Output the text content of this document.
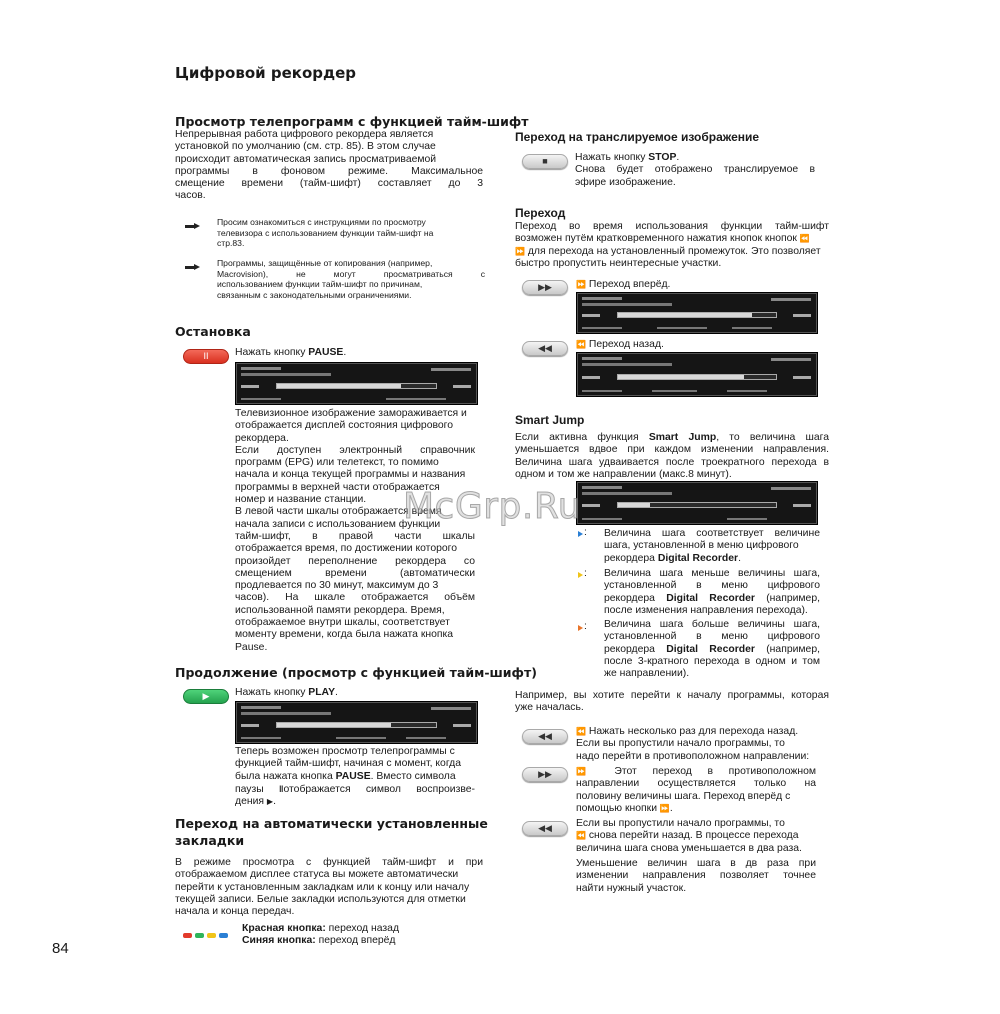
Цифровой рекордер
Просмотр телепрограмм с функцией тайм-шифт
Непрерывная работа цифрового рекордера является
установкой по умолчанию (см. стр. 85). В этом случае
происходит автоматическая запись просматриваемой
программы в фоновом режиме. Максимальное
смещение времени (тайм-шифт) составляет до 3
часов.
Просим ознакомиться с инструкциями по просмотру
телевизора с использованием функции тайм-шифт на
стр.83.
Программы, защищённые от копирования (например,
Macrovision), не могут просматриваться с
использованием функции тайм-шифт по причинам,
связанным с законодательными ограничениями.
Остановка
II	Нажать кнопку PAUSE.
Телевизионное изображение замораживается и
отображается дисплей состояния цифрового
рекордера.
Если доступен электронный справочник
программ (EPG) или телетекст, то помимо
начала и конца текущей программы и названия
программы в верхней части отображается
номер и название станции.
В левой части шкалы отображается время
начала записи с использованием функции
тайм-шифт, в правой части шкалы
отображается время, по достижении которого
произойдет переполнение рекордера со
смещением времени (автоматически
продлевается по 30 минут, максимум до 3
часов). На шкале отображается объём
использованной памяти рекордера. Время,
отображаемое внутри шкалы, соответствует
моменту времени, когда была нажата кнопка
Pause.
Продолжение (просмотр с функцией тайм-шифт)
▶	Нажать кнопку PLAY.
Теперь возможен просмотр телепрограммы с
функцией тайм-шифт, начиная с момент, когда
была нажата кнопка PAUSE. Вместо символа
паузы ‖отображается символ воспроизве-
дения ▶.
Переход на автоматически установленные
закладки
В режиме просмотра с функцией тайм-шифт и при
отображаемом дисплее статуса вы можете автоматически
перейти к установленным закладкам или к концу или началу
текущей записи. Белые закладки используются для отметки
начала и конца передач.
Красная кнопка: переход назад
Синяя кнопка: переход вперёд
84
Переход на транслируемое изображение
■	Нажать кнопку STOP.
Снова будет отображено транслируемое в
эфире изображение.
Переход
Переход во время использования функции тайм-шифт
возможен путём кратковременного нажатия кнопок кнопок ⏪
⏩ для перехода на установленный промежуток. Это позволяет
быстро пропустить неинтересные участки.
▶▶	⏩ Переход вперёд.
◀◀	⏪ Переход назад.
Smart Jump
Если активна функция Smart Jump, то величина шага
уменьшается вдвое при каждом изменении направления.
Величина шага удваивается после троекратного перехода в
одном и том же направлении (макс.8 минут).
: Величина шага соответствует величине
шага, установленной в меню цифрового
рекордера Digital Recorder.
: Величина шага меньше величины шага,
установленной в меню цифрового
рекордера Digital Recorder (например,
после изменения направления перехода).
: Величина шага больше величины шага,
установленной в меню цифрового
рекордера Digital Recorder (например,
после 3-кратного перехода в одном и том
же направлении).
Например, вы хотите перейти к началу программы, которая
уже началась.
◀◀	⏪ Нажать несколько раз для перехода назад.
Если вы пропустили начало программы, то
надо перейти в противоположном направлении:
▶▶	⏩ Этот переход в противоположном
направлении осуществляется только на
половину величины шага. Переход вперёд с
помощью кнопки ⏩.
◀◀	Если вы пропустили начало программы, то
⏪ снова перейти назад. В процессе перехода
величина шага снова уменьшается в два раза.
Уменьшение величин шага в дв раза при
изменении направления позволяет точнее
найти нужный участок.
McGrp.Ru
